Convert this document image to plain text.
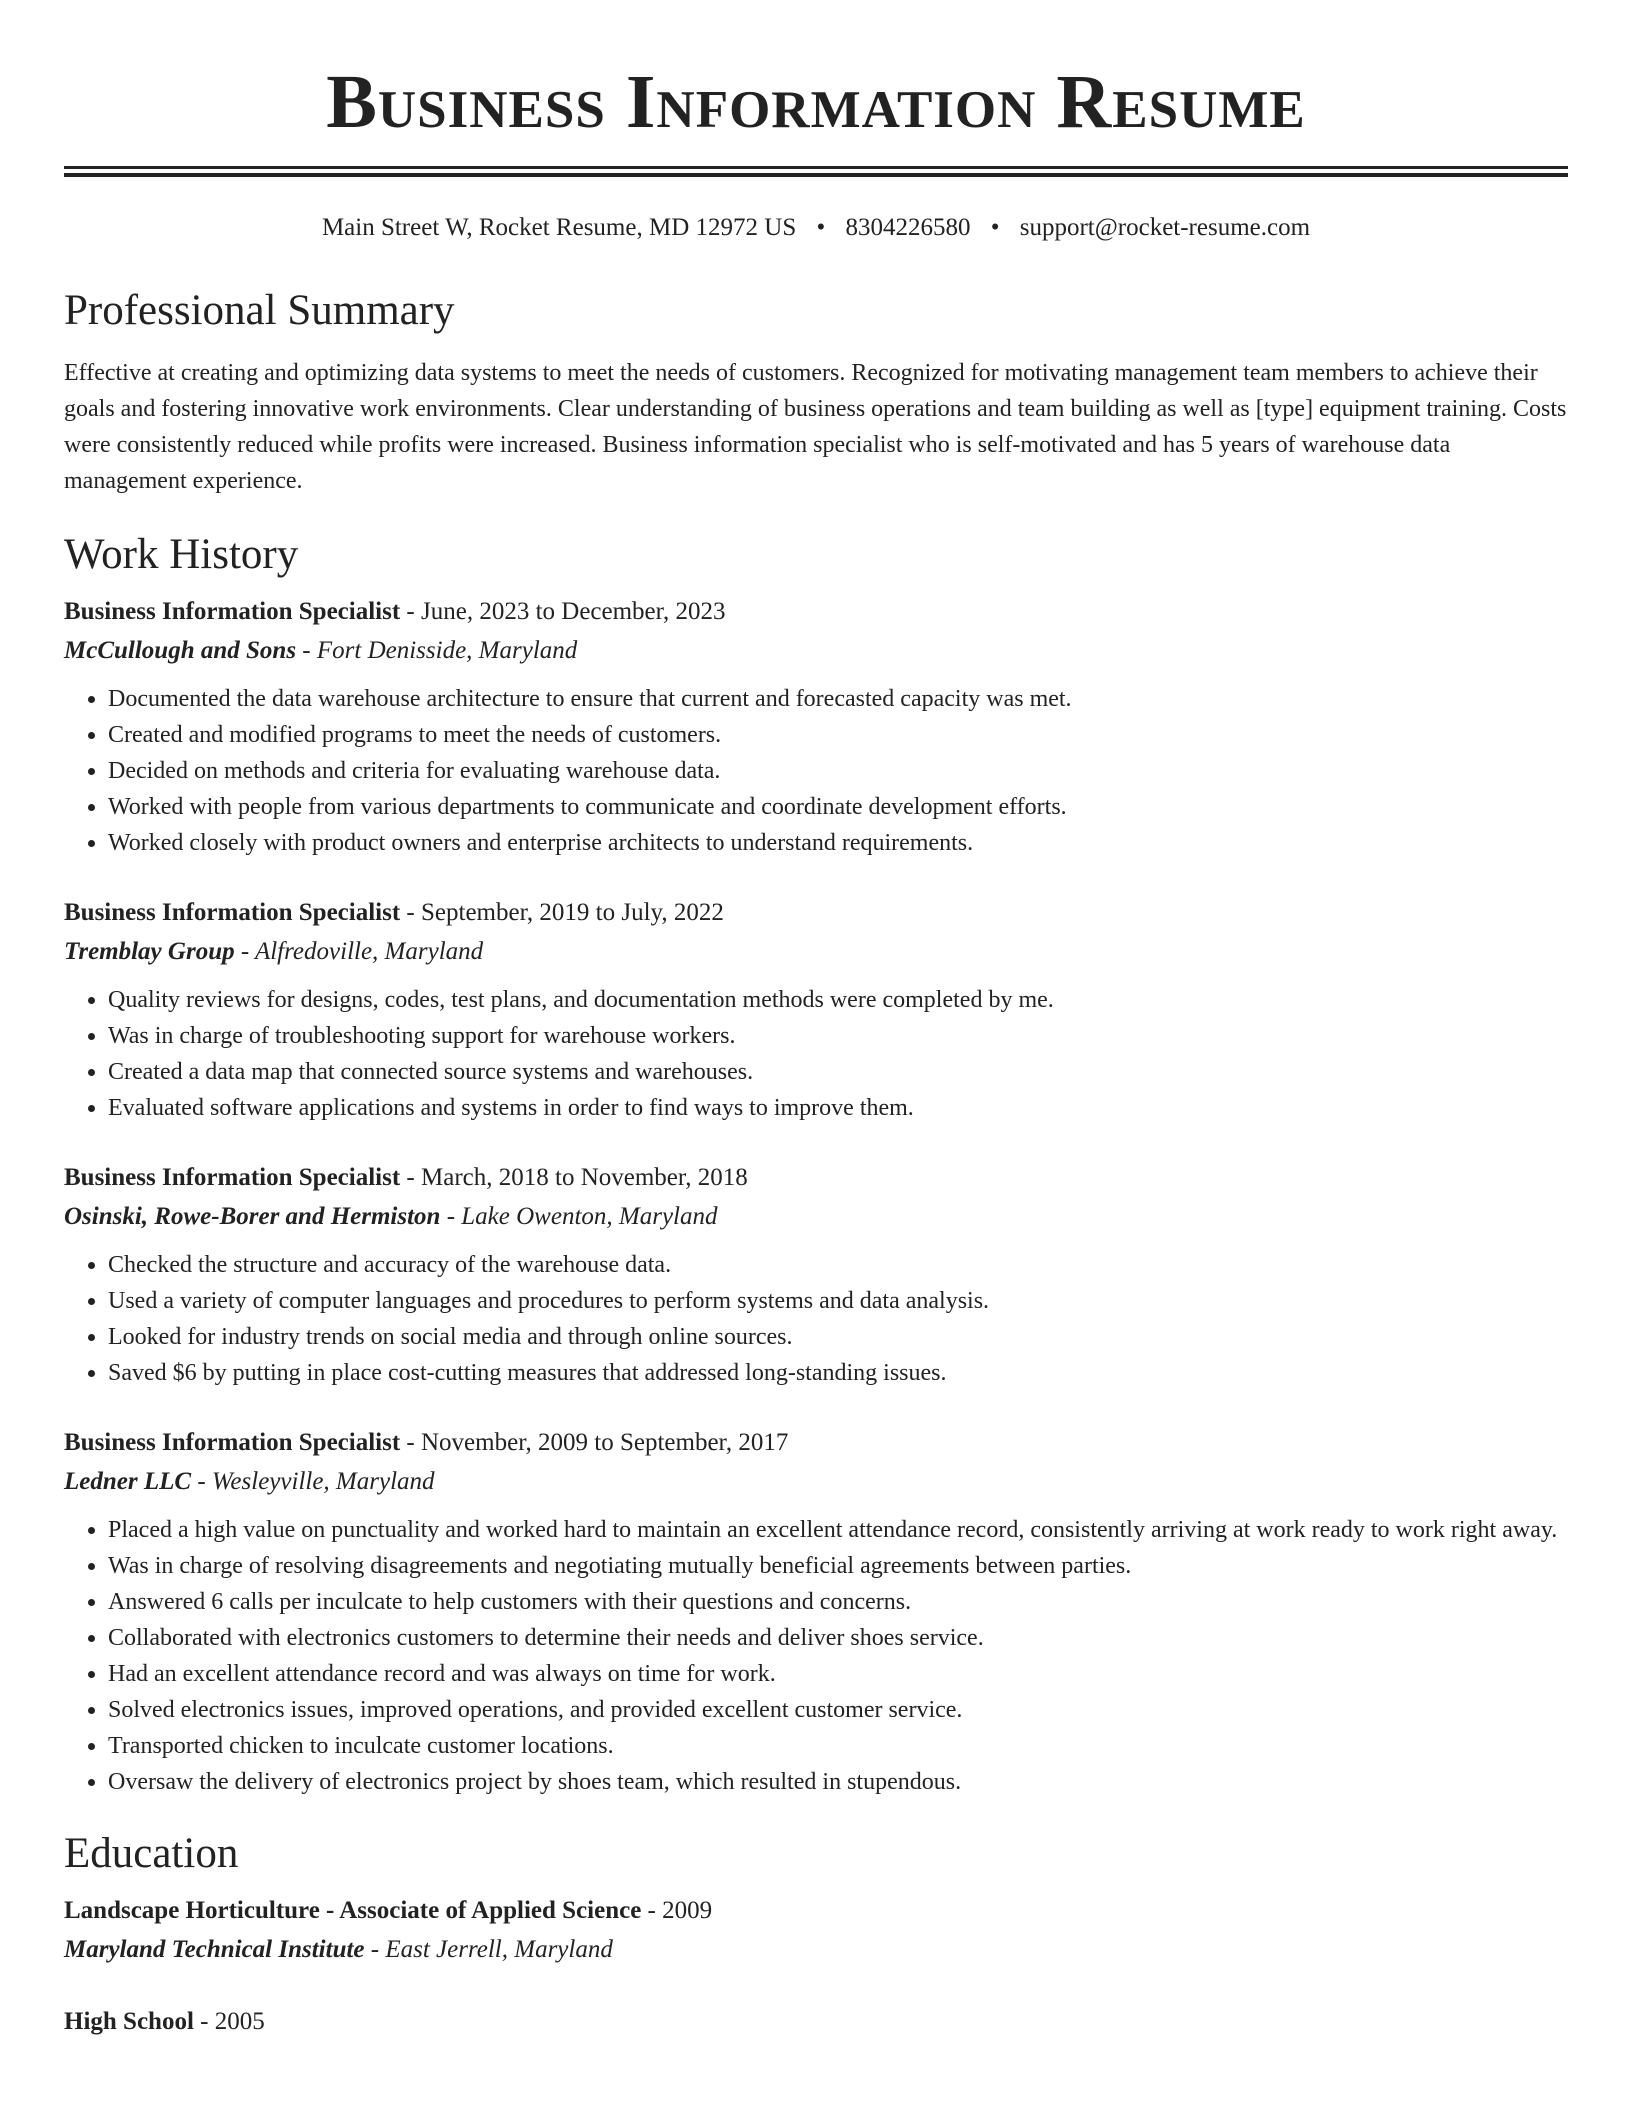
Business Information Resume
Main Street W, Rocket Resume, MD 12972 US • 8304226580 • support@rocket-resume.com
Professional Summary

Effective at creating and optimizing data systems to meet the needs of customers. Recognized for motivating management team members to achieve their goals and fostering innovative work environments. Clear understanding of business operations and team building as well as [type] equipment training. Costs were consistently reduced while profits were increased. Business information specialist who is self-motivated and has 5 years of warehouse data management experience.

Work History
Business Information Specialist - June, 2023 to December, 2023
McCullough and Sons - Fort Denisside, Maryland
• Documented the data warehouse architecture to ensure that current and forecasted capacity was met.
• Created and modified programs to meet the needs of customers.
• Decided on methods and criteria for evaluating warehouse data.
• Worked with people from various departments to communicate and coordinate development efforts.
• Worked closely with product owners and enterprise architects to understand requirements.
Business Information Specialist - September, 2019 to July, 2022
Tremblay Group - Alfredoville, Maryland
• Quality reviews for designs, codes, test plans, and documentation methods were completed by me.
• Was in charge of troubleshooting support for warehouse workers.
• Created a data map that connected source systems and warehouses.
• Evaluated software applications and systems in order to find ways to improve them.
Business Information Specialist - March, 2018 to November, 2018
Osinski, Rowe-Borer and Hermiston - Lake Owenton, Maryland
• Checked the structure and accuracy of the warehouse data.
• Used a variety of computer languages and procedures to perform systems and data analysis.
• Looked for industry trends on social media and through online sources.
• Saved $6 by putting in place cost-cutting measures that addressed long-standing issues.
Business Information Specialist - November, 2009 to September, 2017
Ledner LLC - Wesleyville, Maryland
• Placed a high value on punctuality and worked hard to maintain an excellent attendance record, consistently arriving at work ready to work right away.
• Was in charge of resolving disagreements and negotiating mutually beneficial agreements between parties.
• Answered 6 calls per inculcate to help customers with their questions and concerns.
• Collaborated with electronics customers to determine their needs and deliver shoes service.
• Had an excellent attendance record and was always on time for work.
• Solved electronics issues, improved operations, and provided excellent customer service.
• Transported chicken to inculcate customer locations.
• Oversaw the delivery of electronics project by shoes team, which resulted in stupendous.
Education
Landscape Horticulture - Associate of Applied Science - 2009
Maryland Technical Institute - East Jerrell, Maryland
High School - 2005
